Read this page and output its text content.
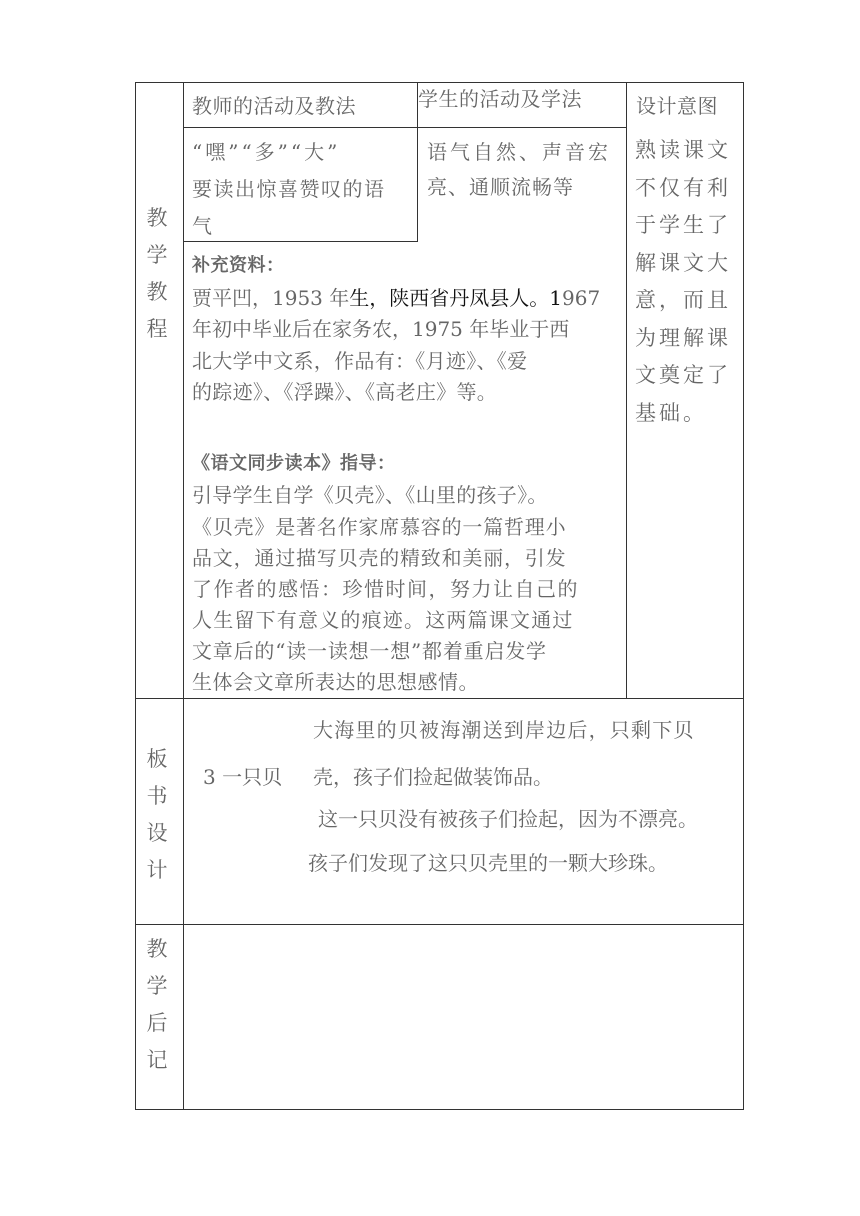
教
学
教
程
板
书
设
计
教
学
后
记
教师的活动及教法	学生的活动及学法	设计意图
“嘿”“多”“大”
要读出惊喜赞叹的语
气
语气自然、声音宏
亮、通顺流畅等
熟读课文不仅有利于学生了解课文大意，而且为理解课文奠定了基础。
补充资料：
贾平凹，1953 年生，陕西省丹凤县人。1967
年初中毕业后在家务农，1975 年毕业于西
北大学中文系，作品有：《月迹》、《爱
的踪迹》、《浮躁》、《高老庄》等。
《语文同步读本》指导：
引导学生自学《贝壳》、《山里的孩子》。
《贝壳》是著名作家席慕容的一篇哲理小
品文，通过描写贝壳的精致和美丽，引发
了作者的感悟：珍惜时间，努力让自己的
人生留下有意义的痕迹。这两篇课文通过
文章后的“读一读想一想”都着重启发学
生体会文章所表达的思想感情。
大海里的贝被海潮送到岸边后，只剩下贝
3 一只贝 壳，孩子们捡起做装饰品。
这一只贝没有被孩子们捡起，因为不漂亮。
孩子们发现了这只贝壳里的一颗大珍珠。
